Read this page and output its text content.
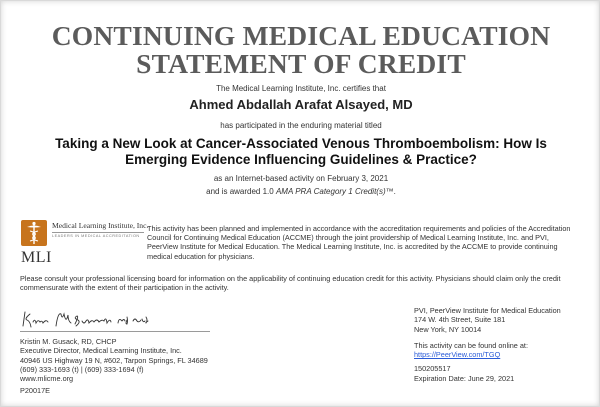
CONTINUING MEDICAL EDUCATION
STATEMENT OF CREDIT
The Medical Learning Institute, Inc. certifies that
Ahmed Abdallah Arafat Alsayed, MD
has participated in the enduring material titled
Taking a New Look at Cancer-Associated Venous Thromboembolism: How Is Emerging Evidence Influencing Guidelines & Practice?
as an Internet-based activity on February 3, 2021
and is awarded 1.0 AMA PRA Category 1 Credit(s)™.
Medical Learning Institute, Inc.
LEADERS IN MEDICAL ACCREDITATION
MLI
This activity has been planned and implemented in accordance with the accreditation requirements and policies of the Accreditation Council for Continuing Medical Education (ACCME) through the joint providership of Medical Learning Institute, Inc. and PVI, PeerView Institute for Medical Education. The Medical Learning Institute, Inc. is accredited by the ACCME to provide continuing medical education for physicians.
Please consult your professional licensing board for information on the applicability of continuing education credit for this activity. Physicians should claim only the credit commensurate with the extent of their participation in the activity.
Kristin M. Gusack, RD, CHCP
Executive Director, Medical Learning Institute, Inc.
40946 US Highway 19 N, #602, Tarpon Springs, FL 34689
(609) 333-1693 (t) | (609) 333-1694 (f)
www.mlicme.org
P20017E
PVI, PeerView Institute for Medical Education
174 W. 4th Street, Suite 181
New York, NY 10014
This activity can be found online at:
https://PeerView.com/TGQ
150205517
Expiration Date: June 29, 2021
